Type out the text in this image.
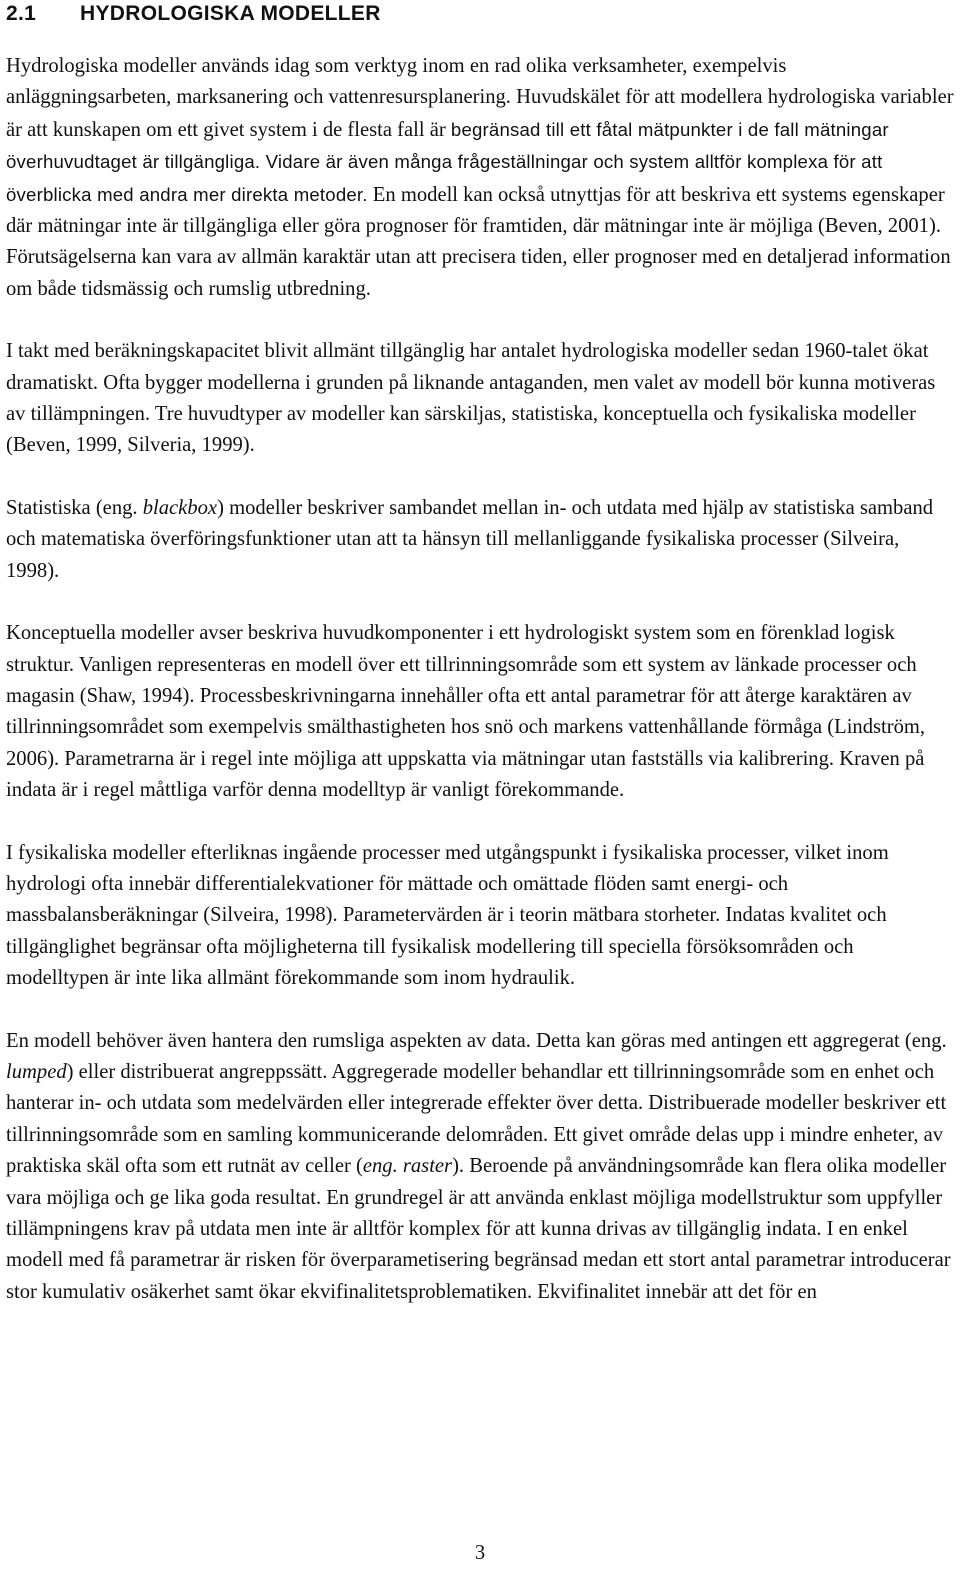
2.1 HYDROLOGISKA MODELLER

Hydrologiska modeller används idag som verktyg inom en rad olika verksamheter, exempelvis anläggningsarbeten, marksanering och vattenresursplanering. Huvudskälet för att modellera hydrologiska variabler är att kunskapen om ett givet system i de flesta fall är begränsad till ett fåtal mätpunkter i de fall mätningar överhuvudtaget är tillgängliga. Vidare är även många frågeställningar och system alltför komplexa för att överblicka med andra mer direkta metoder. En modell kan också utnyttjas för att beskriva ett systems egenskaper där mätningar inte är tillgängliga eller göra prognoser för framtiden, där mätningar inte är möjliga (Beven, 2001). Förutsägelserna kan vara av allmän karaktär utan att precisera tiden, eller prognoser med en detaljerad information om både tidsmässig och rumslig utbredning.

I takt med beräkningskapacitet blivit allmänt tillgänglig har antalet hydrologiska modeller sedan 1960-talet ökat dramatiskt. Ofta bygger modellerna i grunden på liknande antaganden, men valet av modell bör kunna motiveras av tillämpningen. Tre huvudtyper av modeller kan särskiljas, statistiska, konceptuella och fysikaliska modeller (Beven, 1999, Silveria, 1999).

Statistiska (eng. blackbox) modeller beskriver sambandet mellan in- och utdata med hjälp av statistiska samband och matematiska överföringsfunktioner utan att ta hänsyn till mellanliggande fysikaliska processer (Silveira, 1998).

Konceptuella modeller avser beskriva huvudkomponenter i ett hydrologiskt system som en förenklad logisk struktur. Vanligen representeras en modell över ett tillrinningsområde som ett system av länkade processer och magasin (Shaw, 1994). Processbeskrivningarna innehåller ofta ett antal parametrar för att återge karaktären av tillrinningsområdet som exempelvis smälthastigheten hos snö och markens vattenhållande förmåga (Lindström, 2006). Parametrarna är i regel inte möjliga att uppskatta via mätningar utan fastställs via kalibrering. Kraven på indata är i regel måttliga varför denna modelltyp är vanligt förekommande.

I fysikaliska modeller efterliknas ingående processer med utgångspunkt i fysikaliska processer, vilket inom hydrologi ofta innebär differentialekvationer för mättade och omättade flöden samt energi- och massbalansberäkningar (Silveira, 1998). Parametervärden är i teorin mätbara storheter. Indatas kvalitet och tillgänglighet begränsar ofta möjligheterna till fysikalisk modellering till speciella försöksområden och modelltypen är inte lika allmänt förekommande som inom hydraulik.

En modell behöver även hantera den rumsliga aspekten av data. Detta kan göras med antingen ett aggregerat (eng. lumped) eller distribuerat angreppssätt. Aggregerade modeller behandlar ett tillrinningsområde som en enhet och hanterar in- och utdata som medelvärden eller integrerade effekter över detta. Distribuerade modeller beskriver ett tillrinningsområde som en samling kommunicerande delområden. Ett givet område delas upp i mindre enheter, av praktiska skäl ofta som ett rutnät av celler (eng. raster). Beroende på användningsområde kan flera olika modeller vara möjliga och ge lika goda resultat. En grundregel är att använda enklast möjliga modellstruktur som uppfyller tillämpningens krav på utdata men inte är alltför komplex för att kunna drivas av tillgänglig indata. I en enkel modell med få parametrar är risken för överparametisering begränsad medan ett stort antal parametrar introducerar stor kumulativ osäkerhet samt ökar ekvifinalitetsproblematiken. Ekvifinalitet innebär att det för en

3
